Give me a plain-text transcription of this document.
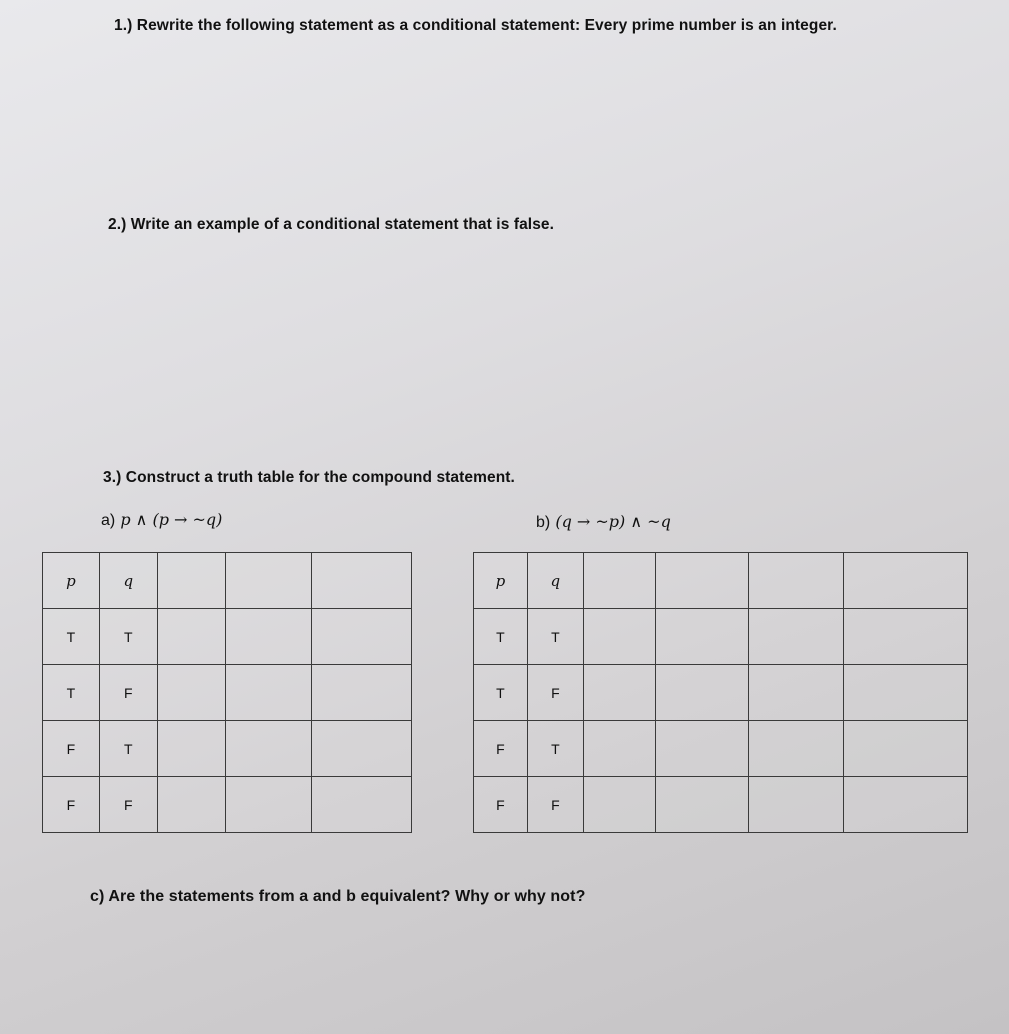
1.) Rewrite the following statement as a conditional statement: Every prime number is an integer.
2.) Write an example of a conditional statement that is false.
3.) Construct a truth table for the compound statement.
a) p ∧ (p → ~q)	b) (q → ~p) ∧ ~q
p	q			
T	T			
T	F			
F	T			
F	F			
p	q				
T	T				
T	F				
F	T				
F	F				
c) Are the statements from a and b equivalent? Why or why not?
